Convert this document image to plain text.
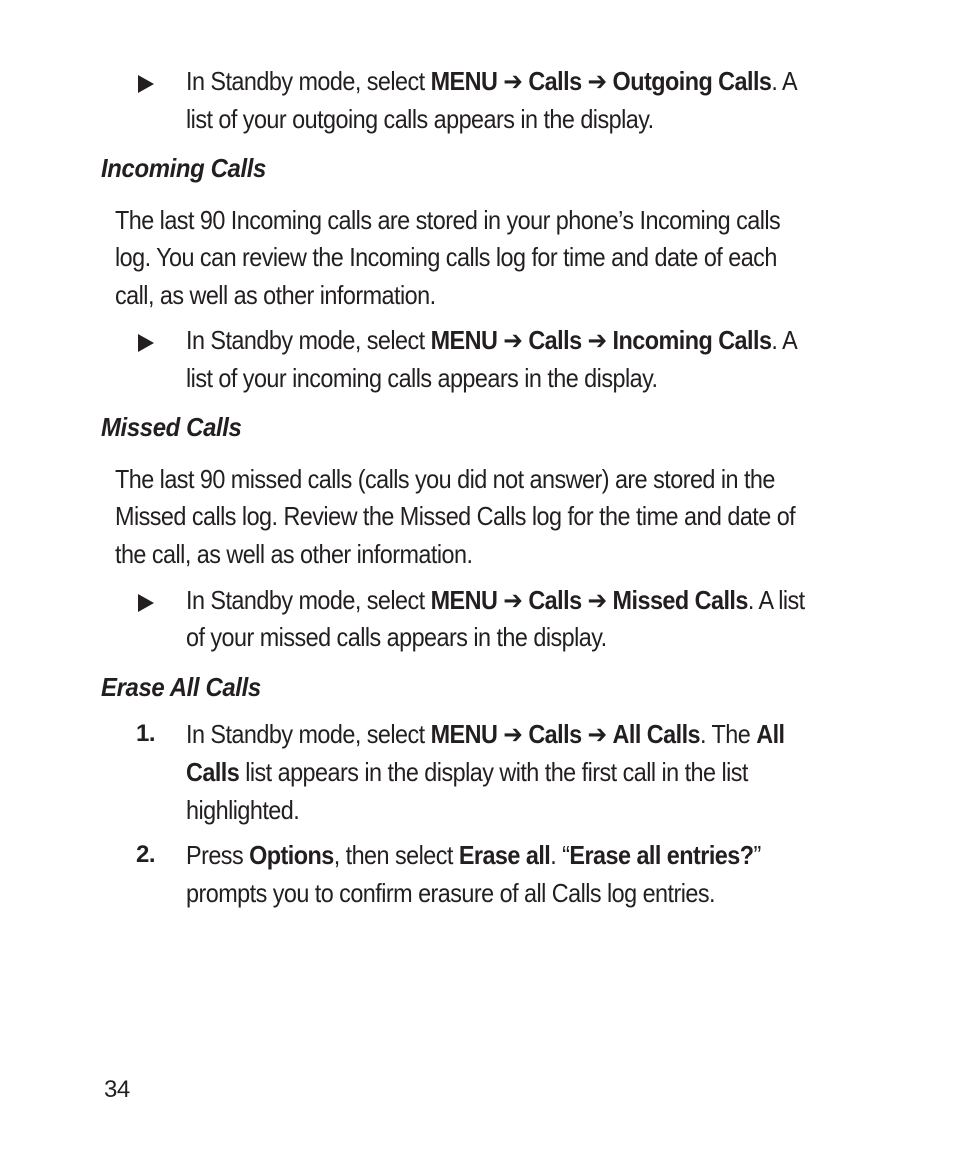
In Standby mode, select MENU ➔ Calls ➔ Outgoing Calls. A
list of your outgoing calls appears in the display.
Incoming Calls
The last 90 Incoming calls are stored in your phone’s Incoming calls
log. You can review the Incoming calls log for time and date of each
call, as well as other information.
In Standby mode, select MENU ➔ Calls ➔ Incoming Calls. A
list of your incoming calls appears in the display.
Missed Calls
The last 90 missed calls (calls you did not answer) are stored in the
Missed calls log. Review the Missed Calls log for the time and date of
the call, as well as other information.
In Standby mode, select MENU ➔ Calls ➔ Missed Calls. A list
of your missed calls appears in the display.
Erase All Calls
1. In Standby mode, select MENU ➔ Calls ➔ All Calls. The All
Calls list appears in the display with the first call in the list
highlighted.
2. Press Options, then select Erase all. “Erase all entries?”
prompts you to confirm erasure of all Calls log entries.
34
